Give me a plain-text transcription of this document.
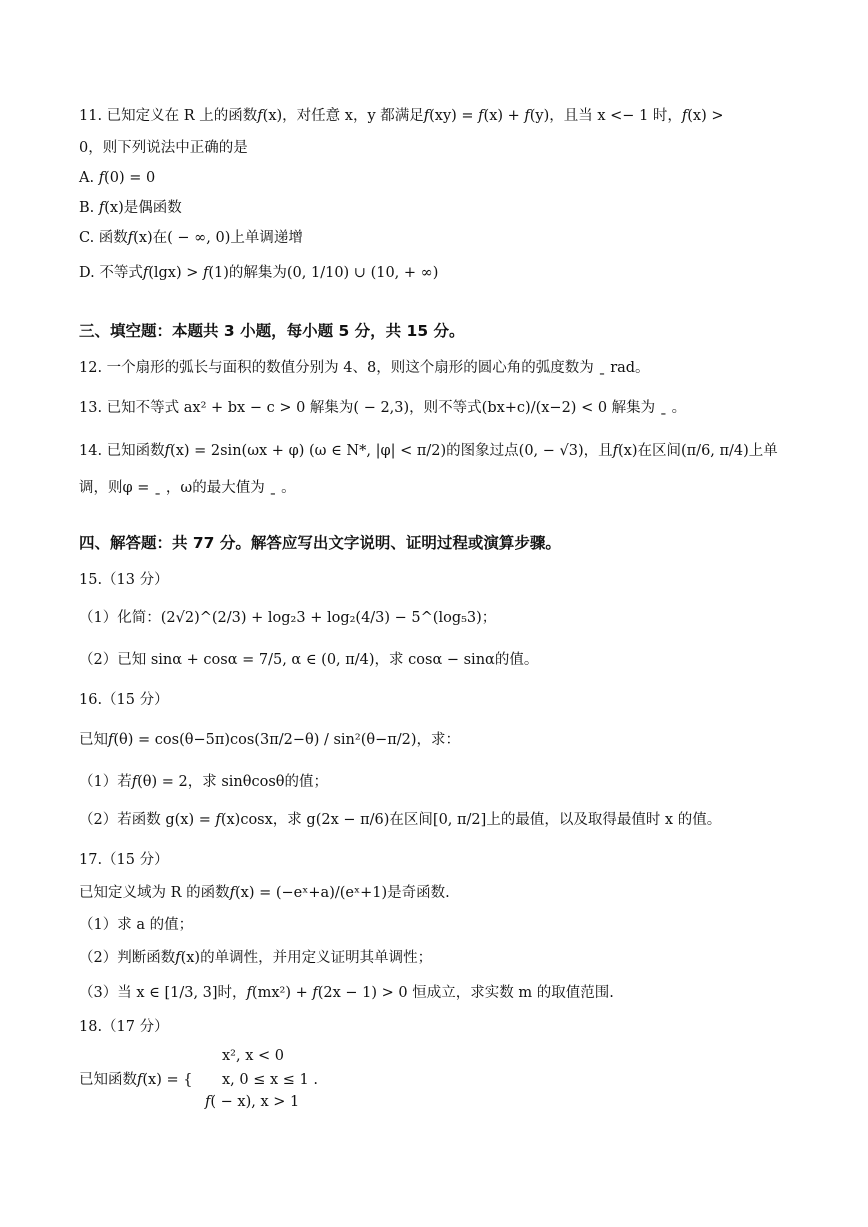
11. 已知定义在 R 上的函数𝑓(x)，对任意 x，y 都满足𝑓(xy) = 𝑓(x) + 𝑓(y)，且当 x <− 1 时，𝑓(x) >
0，则下列说法中正确的是
A. 𝑓(0) = 0
B. 𝑓(x)是偶函数
C. 函数𝑓(x)在( − ∞, 0)上单调递增
D. 不等式𝑓(lgx) > 𝑓(1)的解集为(0, 1/10) ∪ (10, + ∞)
三、填空题：本题共 3 小题，每小题 5 分，共 15 分。
12. 一个扇形的弧长与面积的数值分别为 4、8，则这个扇形的圆心角的弧度数为 ˍ rad。
13. 已知不等式 ax² + bx − c > 0 解集为( − 2,3)，则不等式(bx+c)/(x−2) < 0 解集为 ˍ 。
14. 已知函数𝑓(x) = 2sin(ωx + φ) (ω ∈ N*, |φ| < π/2)的图象过点(0, − √3)，且𝑓(x)在区间(π/6, π/4)上单
调，则φ = ˍ ，ω的最大值为 ˍ 。
四、解答题：共 77 分。解答应写出文字说明、证明过程或演算步骤。
15.（13 分）
（1）化简：(2√2)^(2/3) + log₂3 + log₂(4/3) − 5^(log₅3)；
（2）已知 sinα + cosα = 7/5, α ∈ (0, π/4)，求 cosα − sinα的值。
16.（15 分）
已知𝑓(θ) = cos(θ−5π)cos(3π/2−θ) / sin²(θ−π/2)，求：
（1）若𝑓(θ) = 2，求 sinθcosθ的值；
（2）若函数 g(x) = 𝑓(x)cosx，求 g(2x − π/6)在区间[0, π/2]上的最值，以及取得最值时 x 的值。
17.（15 分）
已知定义域为 R 的函数𝑓(x) = (−eˣ+a)/(eˣ+1)是奇函数.
（1）求 a 的值；
（2）判断函数𝑓(x)的单调性，并用定义证明其单调性；
（3）当 x ∈ [1/3, 3]时，𝑓(mx²) + 𝑓(2x − 1) > 0 恒成立，求实数 m 的取值范围.
18.（17 分）
x², x < 0
已知函数𝑓(x) = { x, 0 ≤ x ≤ 1 .
𝑓( − x), x > 1
